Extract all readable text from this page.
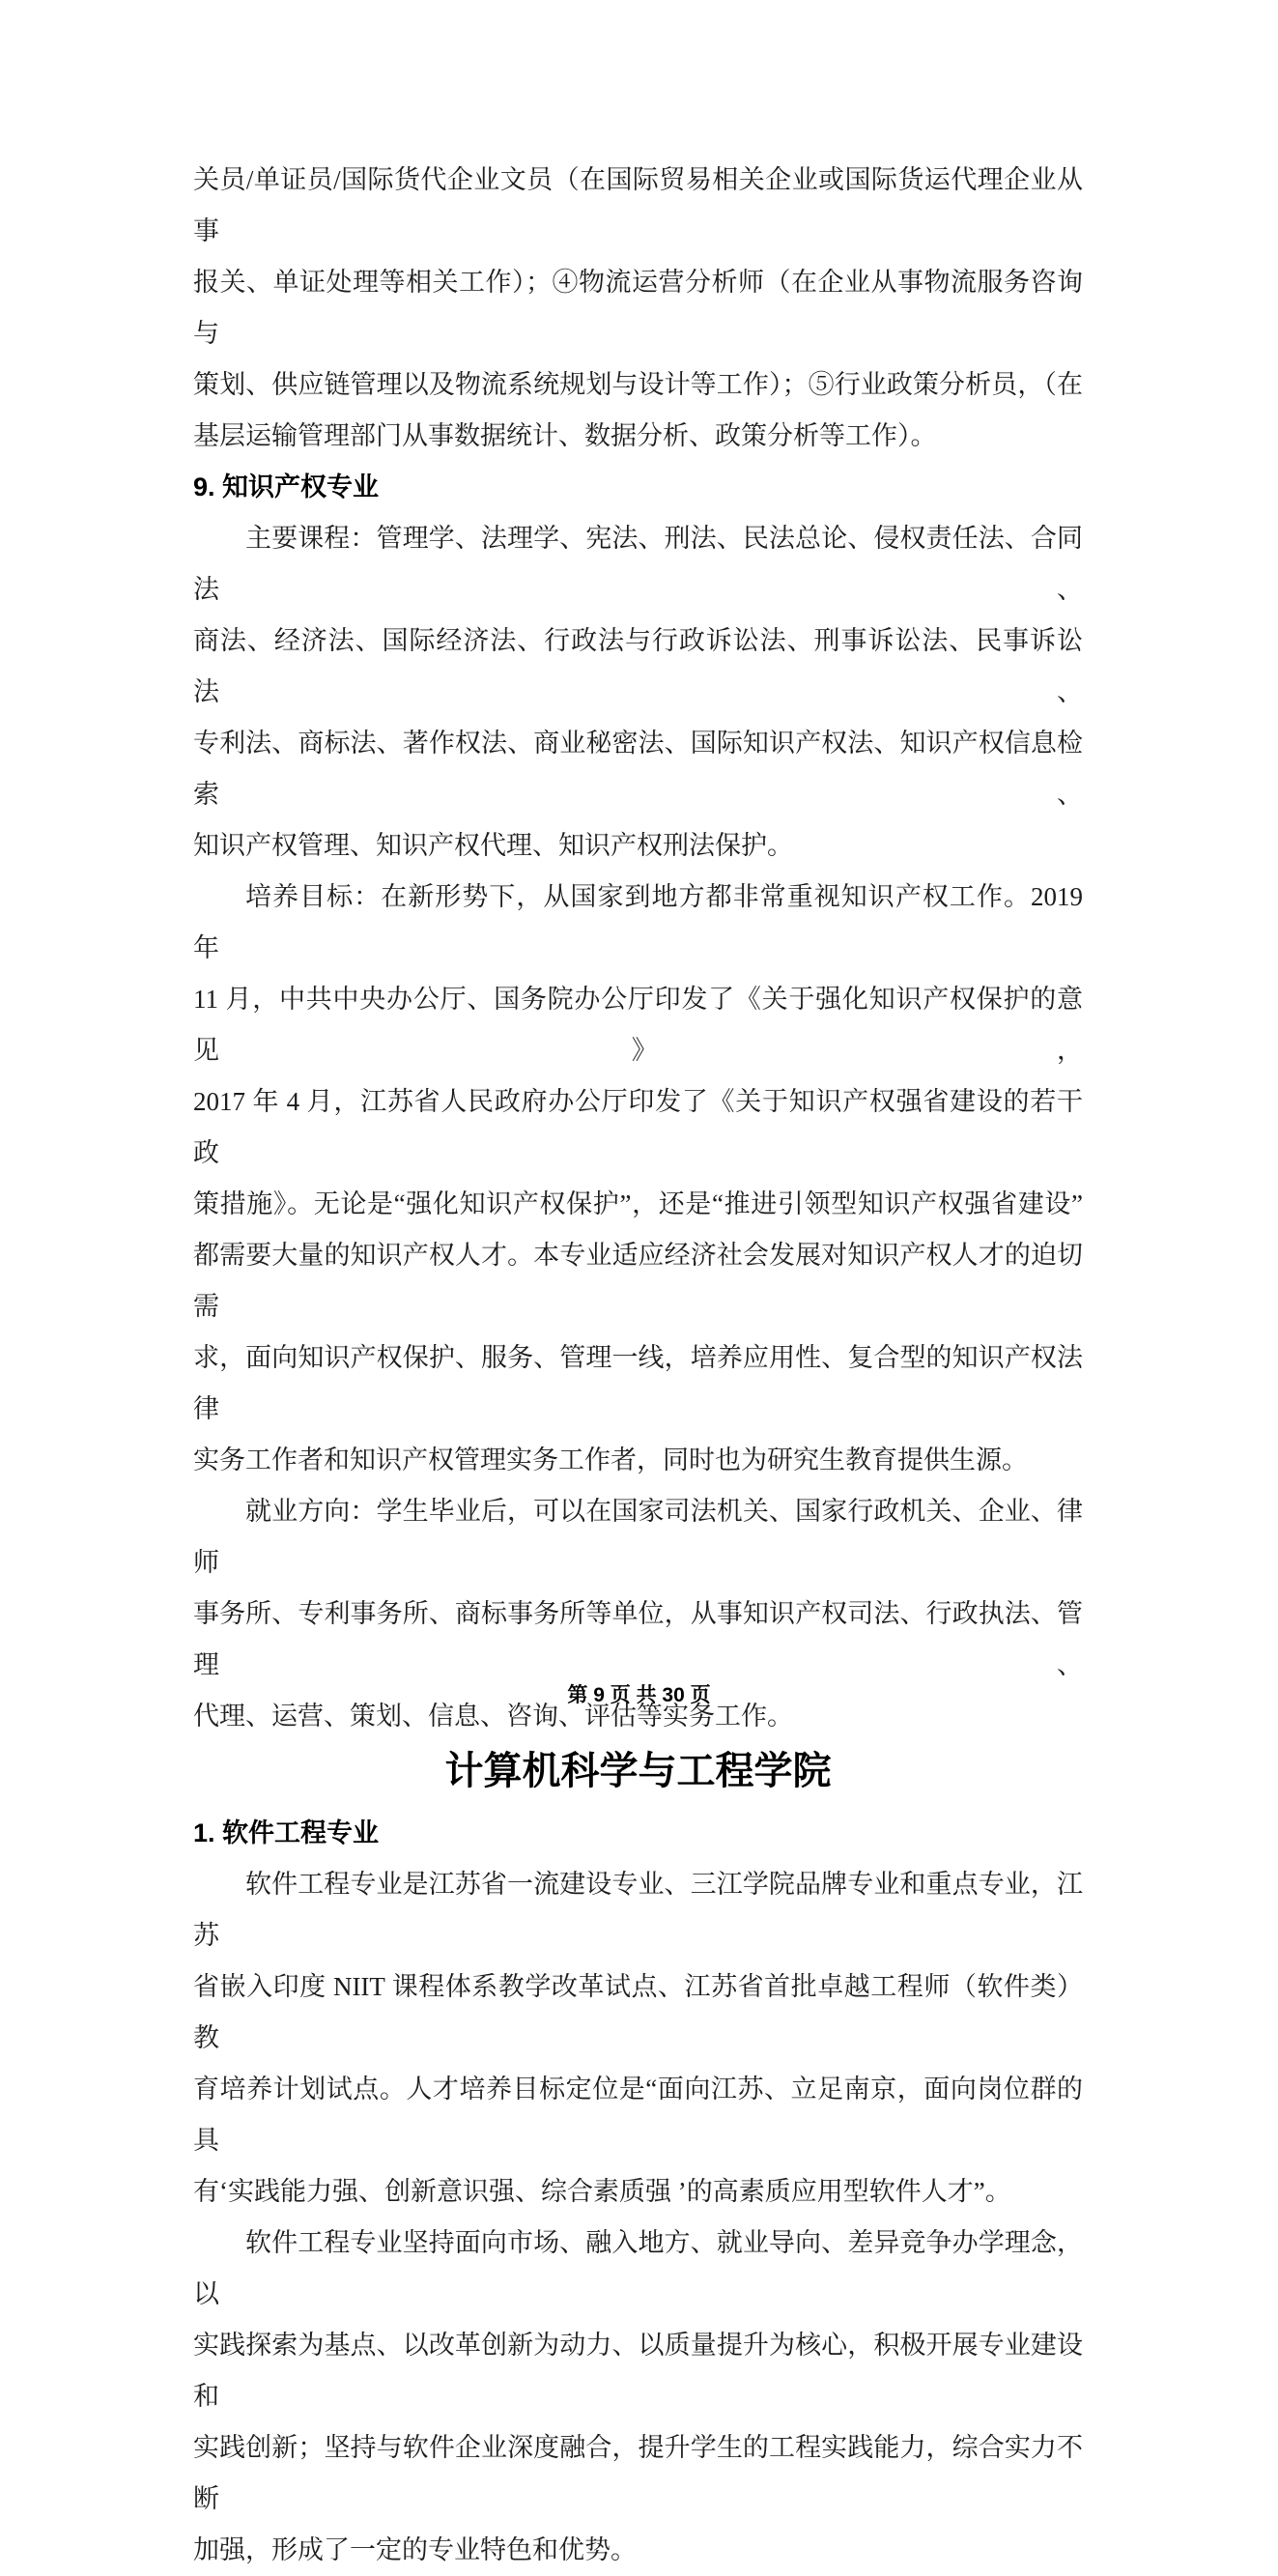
关员/单证员/国际货代企业文员（在国际贸易相关企业或国际货运代理企业从事
报关、单证处理等相关工作）；④物流运营分析师（在企业从事物流服务咨询与
策划、供应链管理以及物流系统规划与设计等工作）；⑤行业政策分析员，（在
基层运输管理部门从事数据统计、数据分析、政策分析等工作）。
9. 知识产权专业
主要课程：管理学、法理学、宪法、刑法、民法总论、侵权责任法、合同法、
商法、经济法、国际经济法、行政法与行政诉讼法、刑事诉讼法、民事诉讼法、
专利法、商标法、著作权法、商业秘密法、国际知识产权法、知识产权信息检索、
知识产权管理、知识产权代理、知识产权刑法保护。
培养目标：在新形势下，从国家到地方都非常重视知识产权工作。2019 年
11 月，中共中央办公厅、国务院办公厅印发了《关于强化知识产权保护的意见》，
2017 年 4 月，江苏省人民政府办公厅印发了《关于知识产权强省建设的若干政
策措施》。无论是“强化知识产权保护”，还是“推进引领型知识产权强省建设”
都需要大量的知识产权人才。本专业适应经济社会发展对知识产权人才的迫切需
求，面向知识产权保护、服务、管理一线，培养应用性、复合型的知识产权法律
实务工作者和知识产权管理实务工作者，同时也为研究生教育提供生源。
就业方向：学生毕业后，可以在国家司法机关、国家行政机关、企业、律师
事务所、专利事务所、商标事务所等单位，从事知识产权司法、行政执法、管理、
代理、运营、策划、信息、咨询、评估等实务工作。
计算机科学与工程学院
1. 软件工程专业
软件工程专业是江苏省一流建设专业、三江学院品牌专业和重点专业，江苏
省嵌入印度 NIIT 课程体系教学改革试点、江苏省首批卓越工程师（软件类）教
育培养计划试点。人才培养目标定位是“面向江苏、立足南京，面向岗位群的具
有‘实践能力强、创新意识强、综合素质强 ’的高素质应用型软件人才”。
软件工程专业坚持面向市场、融入地方、就业导向、差异竞争办学理念，以
实践探索为基点、以改革创新为动力、以质量提升为核心，积极开展专业建设和
实践创新；坚持与软件企业深度融合，提升学生的工程实践能力，综合实力不断
加强，形成了一定的专业特色和优势。
第 9 页 共 30 页
